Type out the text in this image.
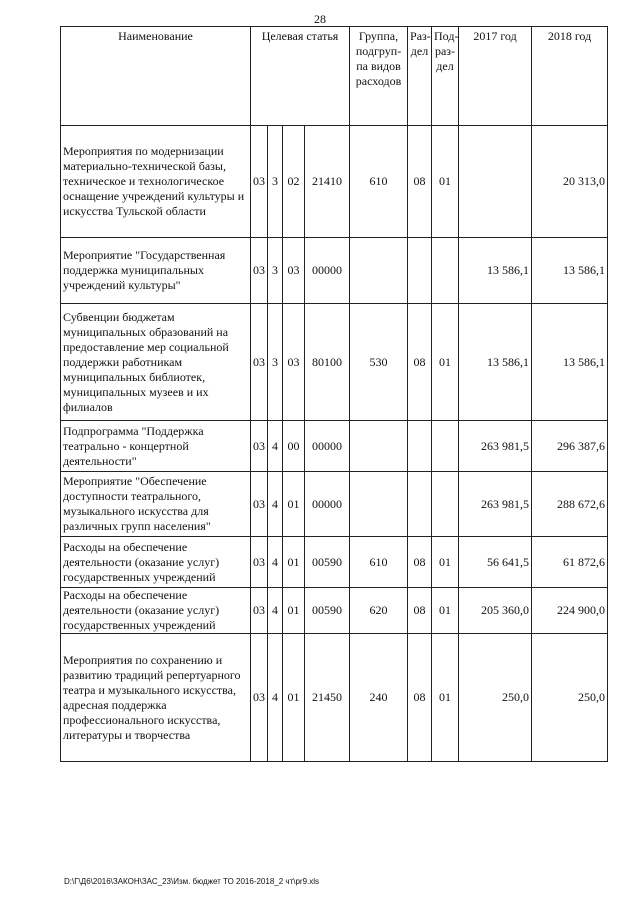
28
Наименование	Целевая статья				Группа, подгруп-па видов расходов	Раз-дел	Под-раз-дел	2017 год	2018 год
Мероприятия по модернизации материально-технической базы, техническое и технологическое оснащение учреждений культуры и искусства Тульской области	03	3	02	21410	610	08	01		20 313,0
Мероприятие "Государственная поддержка муниципальных учреждений культуры"	03	3	03	00000				13 586,1	13 586,1
Субвенции бюджетам муниципальных образований на предоставление мер социальной поддержки работникам муниципальных библиотек, муниципальных музеев и их филиалов	03	3	03	80100	530	08	01	13 586,1	13 586,1
Подпрограмма "Поддержка театрально - концертной деятельности"	03	4	00	00000				263 981,5	296 387,6
Мероприятие "Обеспечение доступности театрального, музыкального искусства для различных групп населения"	03	4	01	00000				263 981,5	288 672,6
Расходы на обеспечение деятельности (оказание услуг) государственных учреждений	03	4	01	00590	610	08	01	56 641,5	61 872,6
Расходы на обеспечение деятельности (оказание услуг) государственных учреждений	03	4	01	00590	620	08	01	205 360,0	224 900,0
Мероприятия по сохранению и развитию традиций репертуарного театра и музыкального искусства, адресная поддержка профессионального искусства, литературы и творчества	03	4	01	21450	240	08	01	250,0	250,0
D:\Г\Д6\2016\ЗАКОН\ЗАС_23\Изм. бюджет ТО 2016-2018_2 чт\pr9.xls
